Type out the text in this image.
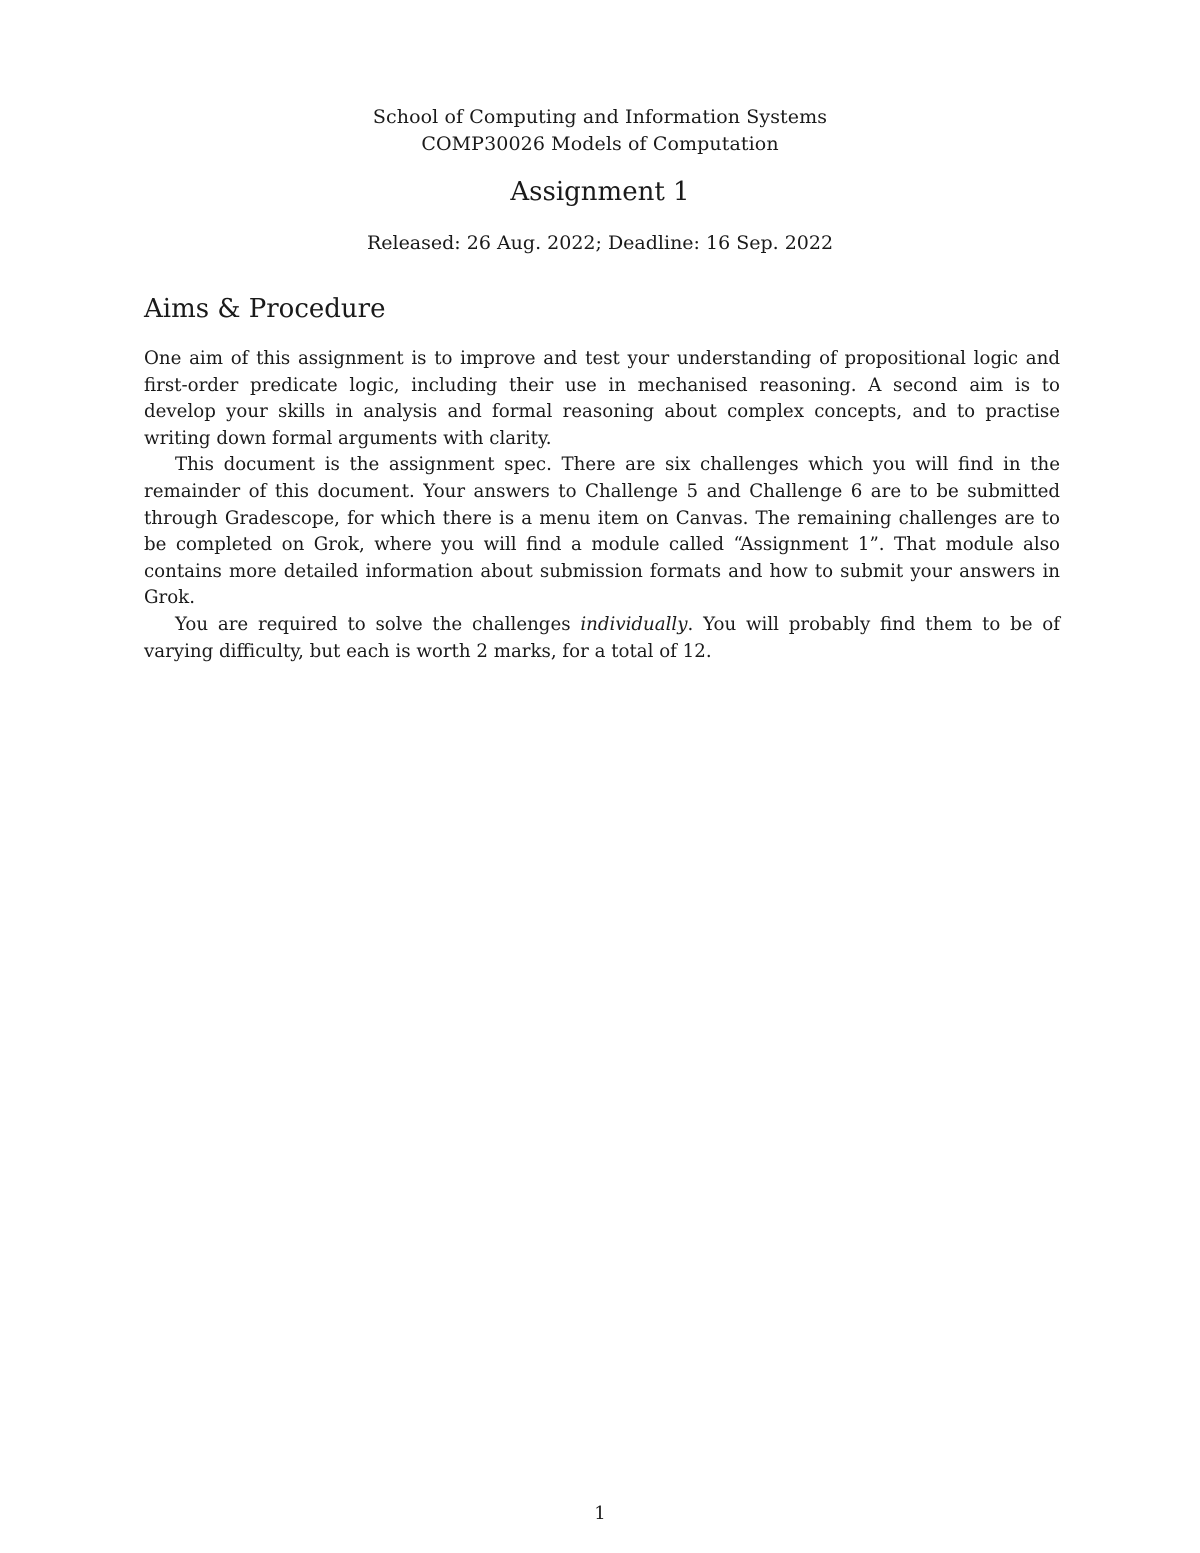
School of Computing and Information Systems
COMP30026 Models of Computation
Assignment 1
Released: 26 Aug. 2022; Deadline: 16 Sep. 2022
Aims & Procedure

One aim of this assignment is to improve and test your understanding of propositional logic and first-order predicate logic, including their use in mechanised reasoning. A second aim is to develop your skills in analysis and formal reasoning about complex concepts, and to practise writing down formal arguments with clarity.

This document is the assignment spec. There are six challenges which you will find in the remainder of this document. Your answers to Challenge 5 and Challenge 6 are to be submitted through Gradescope, for which there is a menu item on Canvas. The remaining challenges are to be completed on Grok, where you will find a module called “Assignment 1”. That module also contains more detailed information about submission formats and how to submit your answers in Grok.

You are required to solve the challenges individually. You will probably find them to be of varying difficulty, but each is worth 2 marks, for a total of 12.

1
